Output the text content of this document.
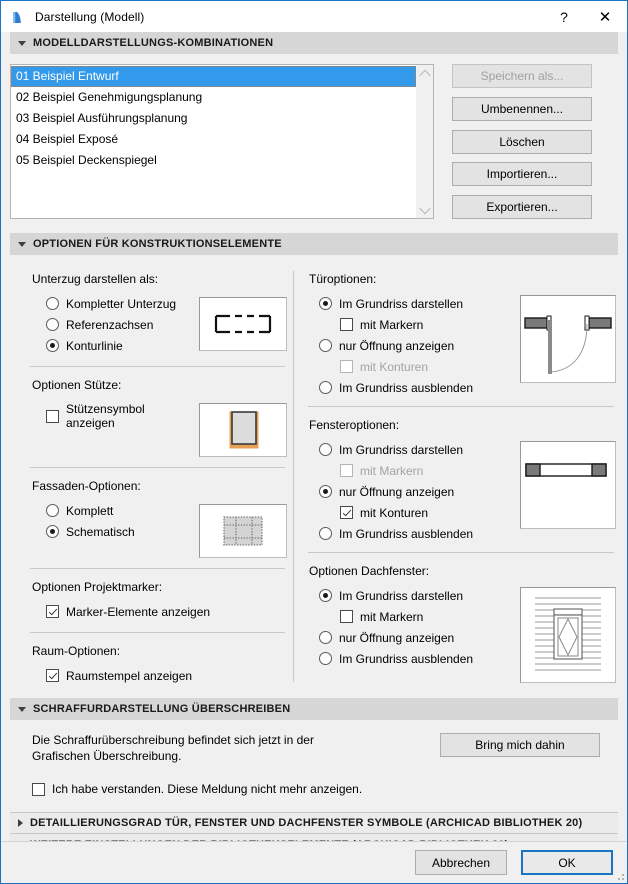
Darstellung (Modell)	? ✕
MODELLDARSTELLUNGS-KOMBINATIONEN
01 Beispiel Entwurf
02 Beispiel Genehmigungsplanung
03 Beispiel Ausführungsplanung
04 Beispiel Exposé
05 Beispiel Deckenspiegel
Speichern als...
Umbenennen...
Löschen
Importieren...
Exportieren...
OPTIONEN FÜR KONSTRUKTIONSELEMENTE
Unterzug darstellen als:
Kompletter Unterzug
Referenzachsen
Konturlinie
Optionen Stütze:
Stützensymbol
anzeigen
Fassaden-Optionen:
Komplett
Schematisch
Optionen Projektmarker:
Marker-Elemente anzeigen
Raum-Optionen:
Raumstempel anzeigen
Türoptionen:
Im Grundriss darstellen
mit Markern
nur Öffnung anzeigen
mit Konturen
Im Grundriss ausblenden
Fensteroptionen:
Im Grundriss darstellen
mit Markern
nur Öffnung anzeigen
mit Konturen
Im Grundriss ausblenden
Optionen Dachfenster:
Im Grundriss darstellen
mit Markern
nur Öffnung anzeigen
Im Grundriss ausblenden
SCHRAFFURDARSTELLUNG ÜBERSCHREIBEN
Die Schraffurüberschreibung befindet sich jetzt in der
Grafischen Überschreibung.
Bring mich dahin
Ich habe verstanden. Diese Meldung nicht mehr anzeigen.
DETAILLIERUNGSGRAD TÜR, FENSTER UND DACHFENSTER SYMBOLE (ARCHICAD BIBLIOTHEK 20)
Abbrechen	OK
